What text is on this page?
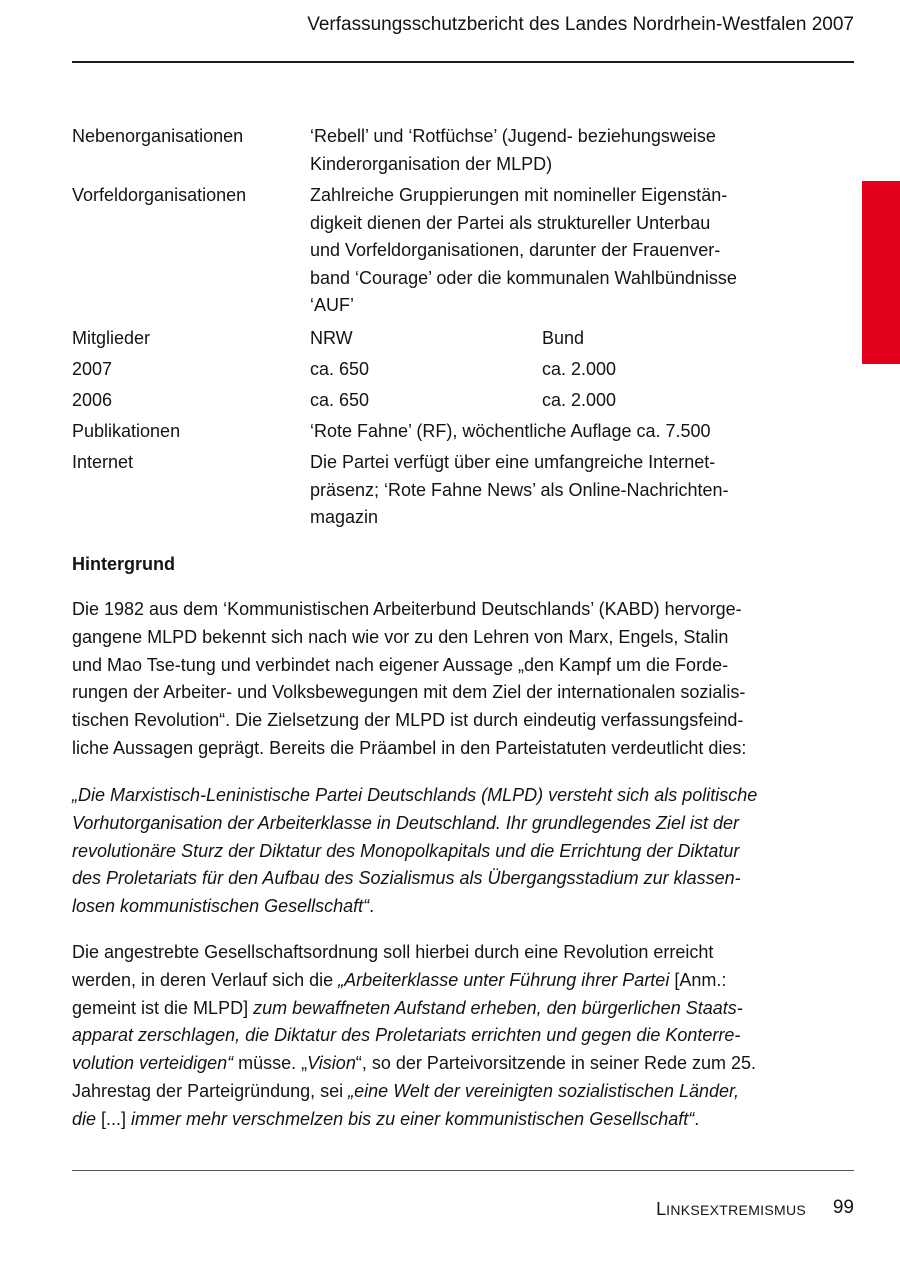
Verfassungsschutzbericht des Landes Nordrhein-Westfalen 2007
Nebenorganisationen	‘Rebell’ und ‘Rotfüchse’ (Jugend- beziehungsweise
Kinderorganisation der MLPD)
Vorfeldorganisationen	Zahlreiche Gruppierungen mit nomineller Eigenstän-
digkeit dienen der Partei als struktureller Unterbau
und Vorfeldorganisationen, darunter der Frauenver-
band ‘Courage’ oder die kommunalen Wahlbündnisse
‘AUF’
Mitglieder	NRW	Bund
2007	ca. 650	ca. 2.000
2006	ca. 650	ca. 2.000
Publikationen	‘Rote Fahne’ (RF), wöchentliche Auflage ca. 7.500
Internet	Die Partei verfügt über eine umfangreiche Internet-
präsenz; ‘Rote Fahne News’ als Online-Nachrichten-
magazin
Hintergrund
Die 1982 aus dem ‘Kommunistischen Arbeiterbund Deutschlands’ (KABD) hervorge-
gangene MLPD bekennt sich nach wie vor zu den Lehren von Marx, Engels, Stalin
und Mao Tse-tung und verbindet nach eigener Aussage „den Kampf um die Forde-
rungen der Arbeiter- und Volksbewegungen mit dem Ziel der internationalen sozialis-
tischen Revolution“. Die Zielsetzung der MLPD ist durch eindeutig verfassungsfeind-
liche Aussagen geprägt. Bereits die Präambel in den Parteistatuten verdeutlicht dies:
„Die Marxistisch-Leninistische Partei Deutschlands (MLPD) versteht sich als politische
Vorhutorganisation der Arbeiterklasse in Deutschland. Ihr grundlegendes Ziel ist der
revolutionäre Sturz der Diktatur des Monopolkapitals und die Errichtung der Diktatur
des Proletariats für den Aufbau des Sozialismus als Übergangsstadium zur klassen-
losen kommunistischen Gesellschaft“.
Die angestrebte Gesellschaftsordnung soll hierbei durch eine Revolution erreicht
werden, in deren Verlauf sich die „Arbeiterklasse unter Führung ihrer Partei [Anm.:
gemeint ist die MLPD] zum bewaffneten Aufstand erheben, den bürgerlichen Staats-
apparat zerschlagen, die Diktatur des Proletariats errichten und gegen die Konterre-
volution verteidigen“ müsse. „Vision“, so der Parteivorsitzende in seiner Rede zum 25.
Jahrestag der Parteigründung, sei „eine Welt der vereinigten sozialistischen Länder,
die [...] immer mehr verschmelzen bis zu einer kommunistischen Gesellschaft“.
LINKSEXTREMISMUS 99
